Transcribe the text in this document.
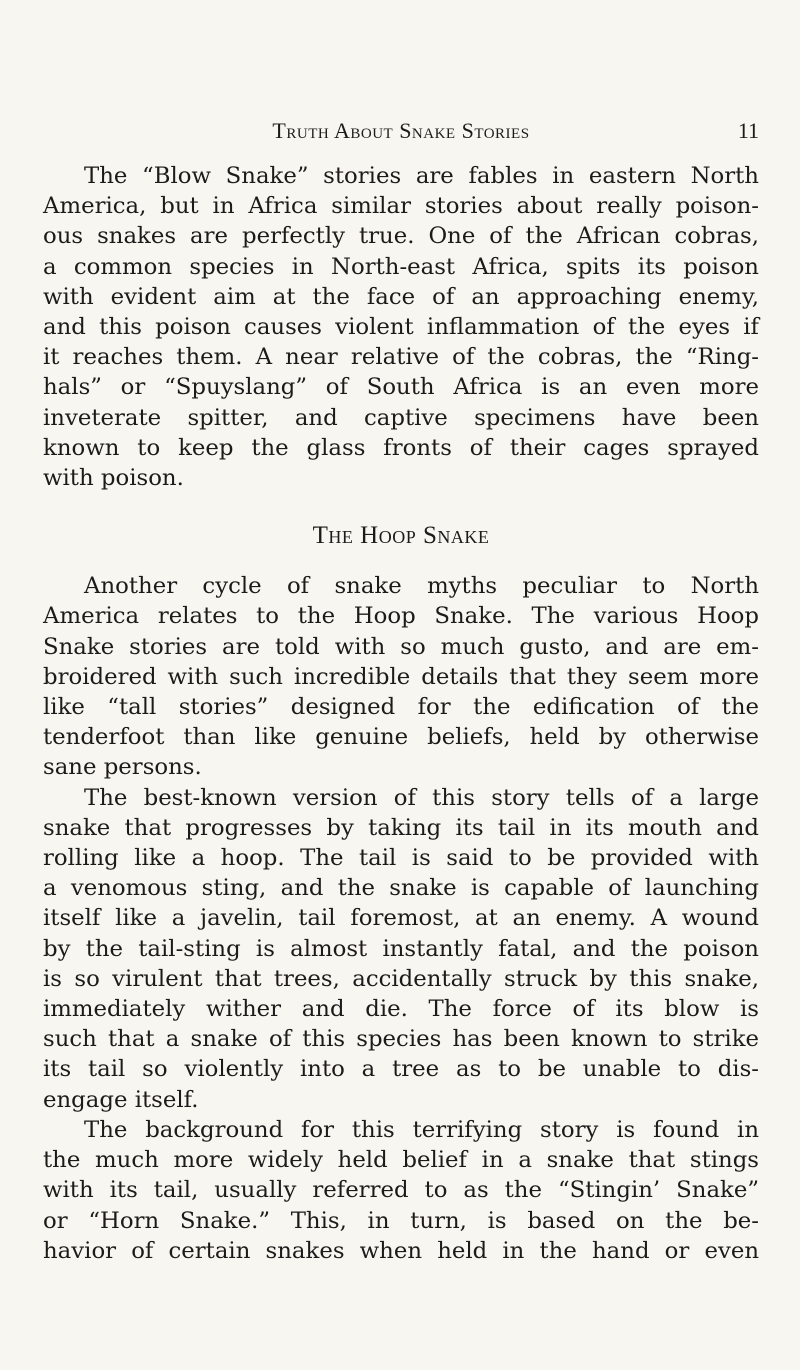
Truth About Snake Stories	11

The “Blow Snake” stories are fables in eastern North
America, but in Africa similar stories about really poison-
ous snakes are perfectly true. One of the African cobras,
a common species in North-east Africa, spits its poison
with evident aim at the face of an approaching enemy,
and this poison causes violent inflammation of the eyes if
it reaches them. A near relative of the cobras, the “Ring-
hals” or “Spuyslang” of South Africa is an even more
inveterate spitter, and captive specimens have been
known to keep the glass fronts of their cages sprayed
with poison.

The Hoop Snake

Another cycle of snake myths peculiar to North
America relates to the Hoop Snake. The various Hoop
Snake stories are told with so much gusto, and are em-
broidered with such incredible details that they seem more
like “tall stories” designed for the edification of the
tenderfoot than like genuine beliefs, held by otherwise
sane persons.

The best-known version of this story tells of a large
snake that progresses by taking its tail in its mouth and
rolling like a hoop. The tail is said to be provided with
a venomous sting, and the snake is capable of launching
itself like a javelin, tail foremost, at an enemy. A wound
by the tail-sting is almost instantly fatal, and the poison
is so virulent that trees, accidentally struck by this snake,
immediately wither and die. The force of its blow is
such that a snake of this species has been known to strike
its tail so violently into a tree as to be unable to dis-
engage itself.

The background for this terrifying story is found in
the much more widely held belief in a snake that stings
with its tail, usually referred to as the “Stingin’ Snake”
or “Horn Snake.” This, in turn, is based on the be-
havior of certain snakes when held in the hand or even
